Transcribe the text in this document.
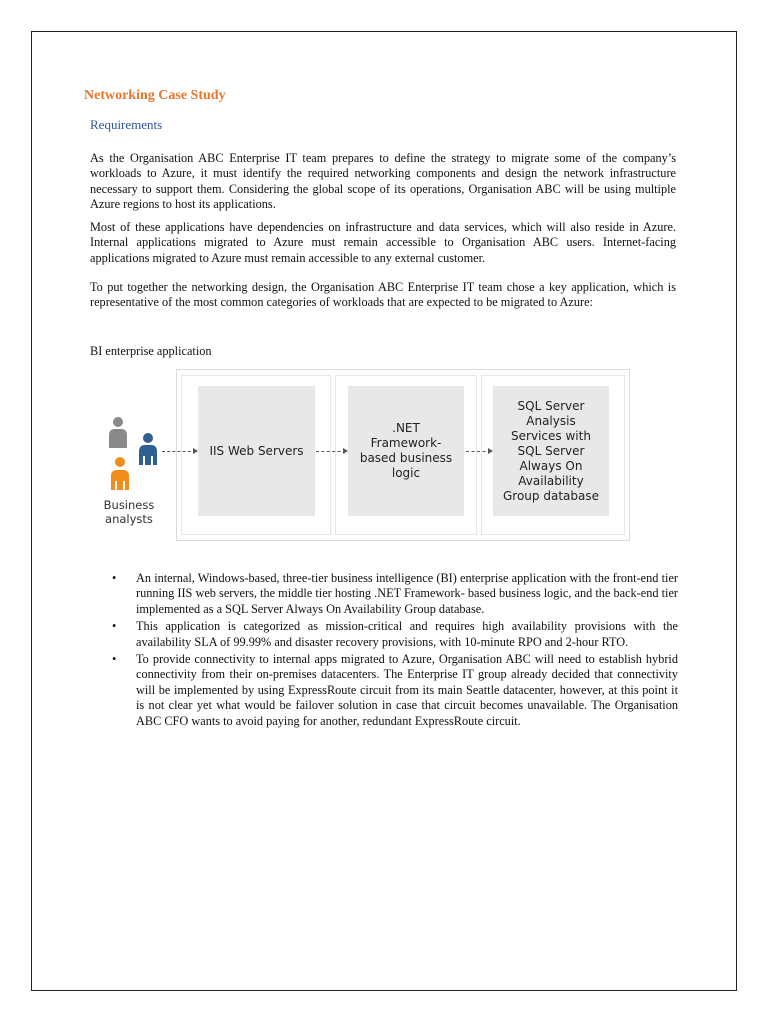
Networking Case Study
Requirements

As the Organisation ABC Enterprise IT team prepares to define the strategy to migrate some of the company’s workloads to Azure, it must identify the required networking components and design the network infrastructure necessary to support them. Considering the global scope of its operations, Organisation ABC will be using multiple Azure regions to host its applications.

Most of these applications have dependencies on infrastructure and data services, which will also reside in Azure. Internal applications migrated to Azure must remain accessible to Organisation ABC users. Internet-facing applications migrated to Azure must remain accessible to any external customer.

To put together the networking design, the Organisation ABC Enterprise IT team chose a key application, which is representative of the most common categories of workloads that are expected to be migrated to Azure:

BI enterprise application

Business
analysts
IIS Web Servers
.NET
Framework-
based business
logic
SQL Server
Analysis
Services with
SQL Server
Always On
Availability
Group database
• An internal, Windows-based, three-tier business intelligence (BI) enterprise application with the front-end tier running IIS web servers, the middle tier hosting .NET Framework- based business logic, and the back-end tier implemented as a SQL Server Always On Availability Group database.
• This application is categorized as mission-critical and requires high availability provisions with the availability SLA of 99.99% and disaster recovery provisions, with 10-minute RPO and 2-hour RTO.
• To provide connectivity to internal apps migrated to Azure, Organisation ABC will need to establish hybrid connectivity from their on-premises datacenters. The Enterprise IT group already decided that connectivity will be implemented by using ExpressRoute circuit from its main Seattle datacenter, however, at this point it is not clear yet what would be failover solution in case that circuit becomes unavailable. The Organisation ABC CFO wants to avoid paying for another, redundant ExpressRoute circuit.
